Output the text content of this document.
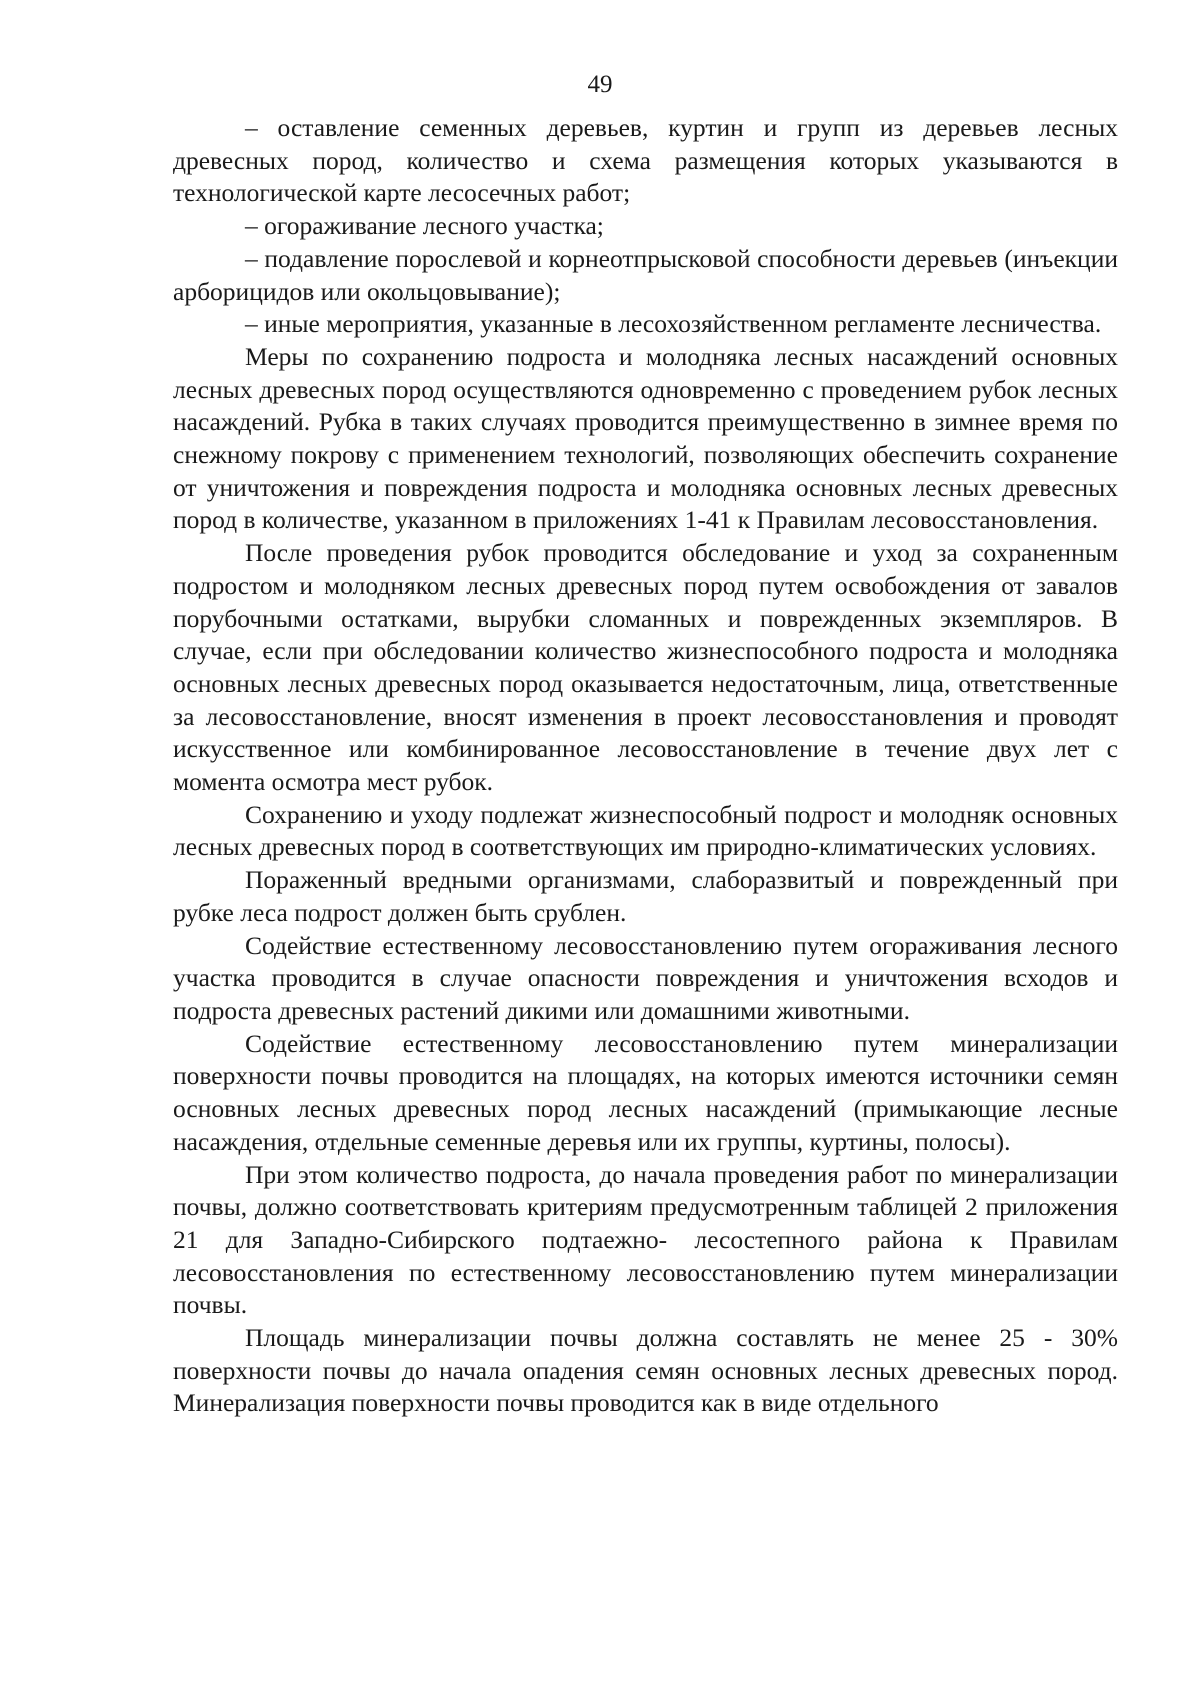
49

– оставление семенных деревьев, куртин и групп из деревьев лесных древесных пород, количество и схема размещения которых указываются в технологической карте лесосечных работ;

– огораживание лесного участка;

– подавление порослевой и корнеотпрысковой способности деревьев (инъекции арборицидов или окольцовывание);

– иные мероприятия, указанные в лесохозяйственном регламенте лесничества.

Меры по сохранению подроста и молодняка лесных насаждений основных лесных древесных пород осуществляются одновременно с проведением рубок лесных насаждений. Рубка в таких случаях проводится преимущественно в зимнее время по снежному покрову с применением технологий, позволяющих обеспечить сохранение от уничтожения и повреждения подроста и молодняка основных лесных древесных пород в количестве, указанном в приложениях 1-41 к Правилам лесовосстановления.

После проведения рубок проводится обследование и уход за сохраненным подростом и молодняком лесных древесных пород путем освобождения от завалов порубочными остатками, вырубки сломанных и поврежденных экземпляров. В случае, если при обследовании количество жизнеспособного подроста и молодняка основных лесных древесных пород оказывается недостаточным, лица, ответственные за лесовосстановление, вносят изменения в проект лесовосстановления и проводят искусственное или комбинированное лесовосстановление в течение двух лет с момента осмотра мест рубок.

Сохранению и уходу подлежат жизнеспособный подрост и молодняк основных лесных древесных пород в соответствующих им природно-климатических условиях.

Пораженный вредными организмами, слаборазвитый и поврежденный при рубке леса подрост должен быть срублен.

Содействие естественному лесовосстановлению путем огораживания лесного участка проводится в случае опасности повреждения и уничтожения всходов и подроста древесных растений дикими или домашними животными.

Содействие естественному лесовосстановлению путем минерализации поверхности почвы проводится на площадях, на которых имеются источники семян основных лесных древесных пород лесных насаждений (примыкающие лесные насаждения, отдельные семенные деревья или их группы, куртины, полосы).

При этом количество подроста, до начала проведения работ по минерализации почвы, должно соответствовать критериям предусмотренным таблицей 2 приложения 21 для Западно-Сибирского подтаежно- лесостепного района к Правилам лесовосстановления по естественному лесовосстановлению путем минерализации почвы.

Площадь минерализации почвы должна составлять не менее 25 - 30% поверхности почвы до начала опадения семян основных лесных древесных пород. Минерализация поверхности почвы проводится как в виде отдельного
